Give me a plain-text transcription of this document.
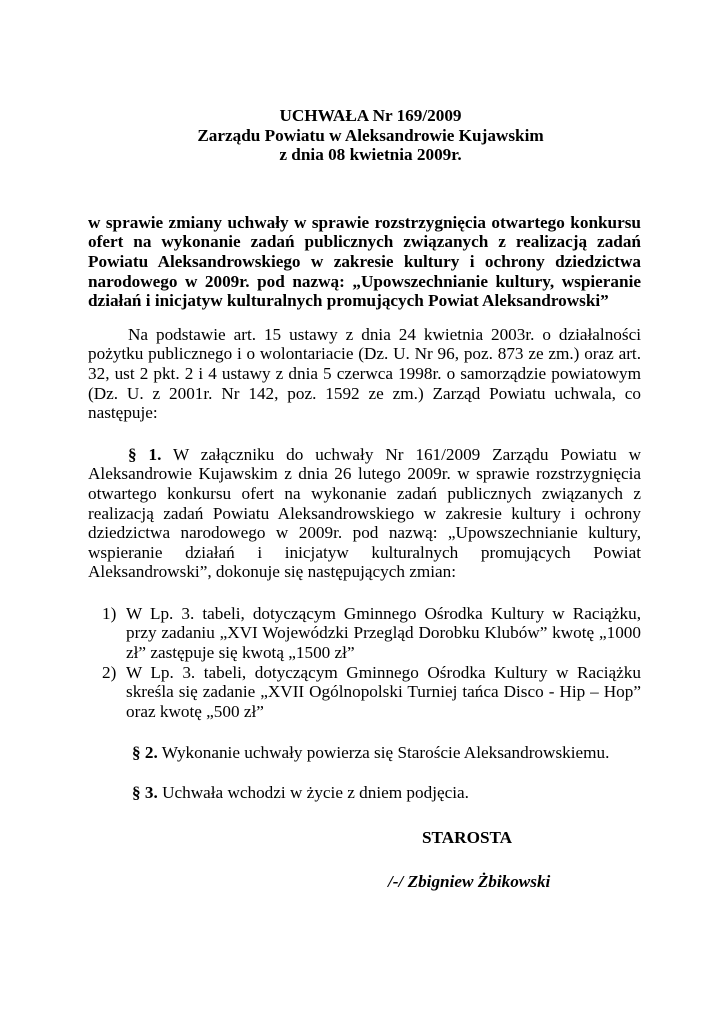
UCHWAŁA Nr 169/2009
Zarządu Powiatu w Aleksandrowie Kujawskim
z dnia 08 kwietnia 2009r.

w sprawie zmiany uchwały w sprawie rozstrzygnięcia otwartego konkursu ofert na wykonanie zadań publicznych związanych z realizacją zadań Powiatu Aleksandrowskiego w zakresie kultury i ochrony dziedzictwa narodowego w 2009r. pod nazwą: „Upowszechnianie kultury, wspieranie działań i inicjatyw kulturalnych promujących Powiat Aleksandrowski”

Na podstawie art. 15 ustawy z dnia 24 kwietnia 2003r. o działalności pożytku publicznego i o wolontariacie (Dz. U. Nr 96, poz. 873 ze zm.) oraz art. 32, ust 2 pkt. 2 i 4 ustawy z dnia 5 czerwca 1998r. o samorządzie powiatowym (Dz. U. z 2001r. Nr 142, poz. 1592 ze zm.) Zarząd Powiatu uchwala, co następuje:

§ 1. W załączniku do uchwały Nr 161/2009 Zarządu Powiatu w Aleksandrowie Kujawskim z dnia 26 lutego 2009r. w sprawie rozstrzygnięcia otwartego konkursu ofert na wykonanie zadań publicznych związanych z realizacją zadań Powiatu Aleksandrowskiego w zakresie kultury i ochrony dziedzictwa narodowego w 2009r. pod nazwą: „Upowszechnianie kultury, wspieranie działań i inicjatyw kulturalnych promujących Powiat Aleksandrowski”, dokonuje się następujących zmian:

1) W Lp. 3. tabeli, dotyczącym Gminnego Ośrodka Kultury w Raciążku, przy zadaniu „XVI Wojewódzki Przegląd Dorobku Klubów” kwotę „1000 zł” zastępuje się kwotą „1500 zł”
2) W Lp. 3. tabeli, dotyczącym Gminnego Ośrodka Kultury w Raciążku skreśla się zadanie „XVII Ogólnopolski Turniej tańca Disco - Hip – Hop” oraz kwotę „500 zł”
§ 2. Wykonanie uchwały powierza się Staroście Aleksandrowskiemu.
§ 3. Uchwała wchodzi w życie z dniem podjęcia.
STAROSTA
/-/ Zbigniew Żbikowski
